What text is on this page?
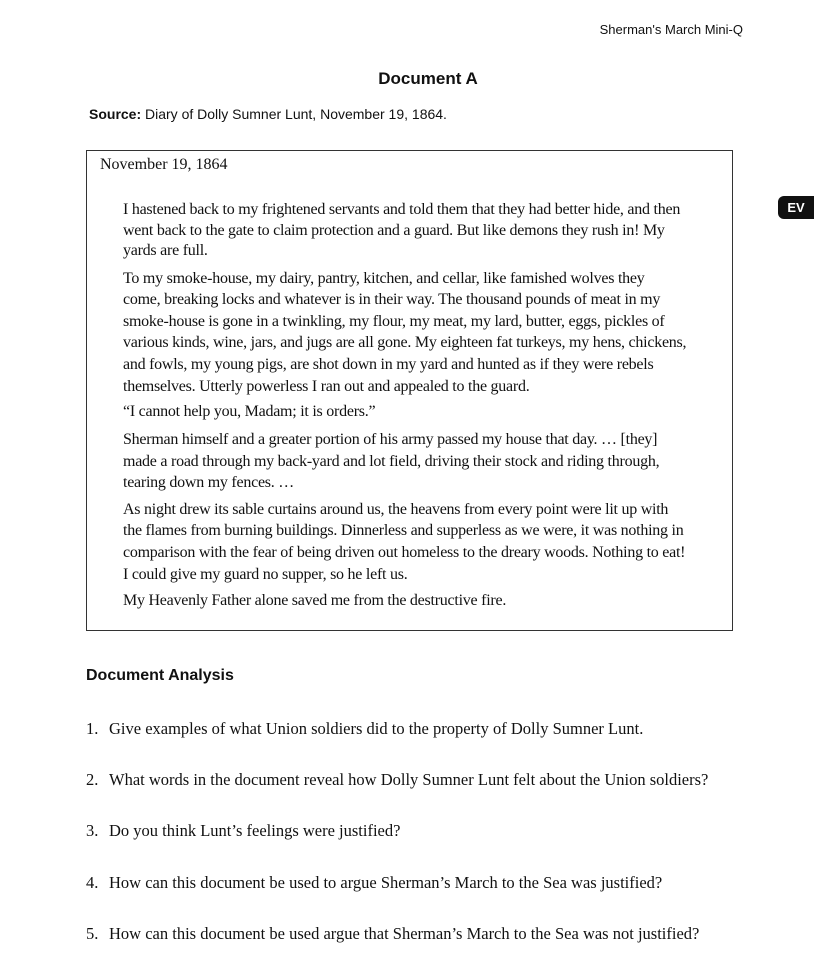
Sherman's March Mini-Q
Document A
Source: Diary of Dolly Sumner Lunt, November 19, 1864.
November 19, 1864
I hastened back to my frightened servants and told them that they had better hide, and then
went back to the gate to claim protection and a guard. But like demons they rush in! My
yards are full.
To my smoke-house, my dairy, pantry, kitchen, and cellar, like famished wolves they
come, breaking locks and whatever is in their way. The thousand pounds of meat in my
smoke-house is gone in a twinkling, my flour, my meat, my lard, butter, eggs, pickles of
various kinds, wine, jars, and jugs are all gone. My eighteen fat turkeys, my hens, chickens,
and fowls, my young pigs, are shot down in my yard and hunted as if they were rebels
themselves. Utterly powerless I ran out and appealed to the guard.
“I cannot help you, Madam; it is orders.”
Sherman himself and a greater portion of his army passed my house that day. … [they]
made a road through my back-yard and lot field, driving their stock and riding through,
tearing down my fences. …
As night drew its sable curtains around us, the heavens from every point were lit up with
the flames from burning buildings. Dinnerless and supperless as we were, it was nothing in
comparison with the fear of being driven out homeless to the dreary woods. Nothing to eat!
I could give my guard no supper, so he left us.
My Heavenly Father alone saved me from the destructive fire.
EV
Document Analysis
1. Give examples of what Union soldiers did to the property of Dolly Sumner Lunt.
2. What words in the document reveal how Dolly Sumner Lunt felt about the Union soldiers?
3. Do you think Lunt’s feelings were justified?
4. How can this document be used to argue Sherman’s March to the Sea was justified?
5. How can this document be used argue that Sherman’s March to the Sea was not justified?
